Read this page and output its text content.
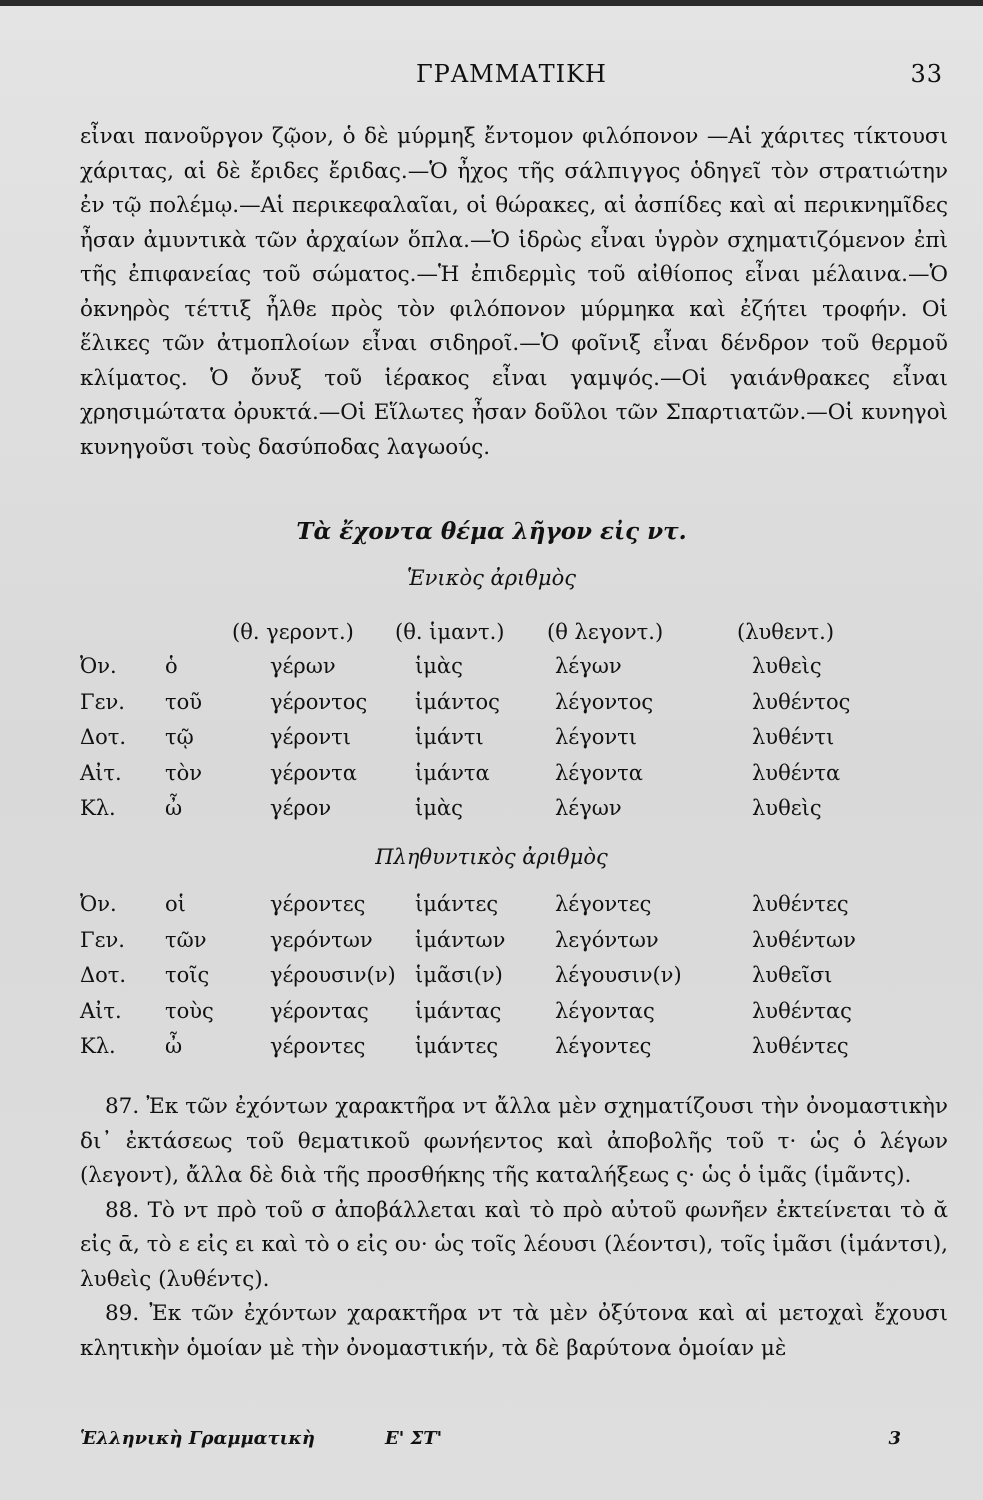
ΓΡΑΜΜΑΤΙΚΗ	33

εἶναι πανοῦργον ζῷον, ὁ δὲ μύρμηξ ἔντομον φιλόπονον —Αἱ χάριτες τίκτουσι χάριτας, αἱ δὲ ἔριδες ἔριδας.—Ὁ ἦχος τῆς σάλπιγγος ὁδηγεῖ τὸν στρατιώτην ἐν τῷ πολέμῳ.—Αἱ περικεφαλαῖαι, οἱ θώρακες, αἱ ἀσπίδες καὶ αἱ περικνημῖδες ἦσαν ἀμυντικὰ τῶν ἀρχαίων ὅπλα.—Ὁ ἱδρὼς εἶναι ὑγρὸν σχηματιζόμενον ἐπὶ τῆς ἐπιφανείας τοῦ σώματος.—Ἡ ἐπιδερμὶς τοῦ αἰθίοπος εἶναι μέλαινα.—Ὁ ὀκνηρὸς τέττιξ ἦλθε πρὸς τὸν φιλόπονον μύρμηκα καὶ ἐζήτει τροφήν. Οἱ ἕλικες τῶν ἀτμοπλοίων εἶναι σιδηροῖ.—Ὁ φοῖνιξ εἶναι δένδρον τοῦ θερμοῦ κλίματος. Ὁ ὄνυξ τοῦ ἱέρακος εἶναι γαμψός.—Οἱ γαιάνθρακες εἶναι χρησιμώτατα ὀρυκτά.—Οἱ Εἵλωτες ἦσαν δοῦλοι τῶν Σπαρτιατῶν.—Οἱ κυνηγοὶ κυνηγοῦσι τοὺς δασύποδας λαγωούς.

Τὰ ἔχοντα θέμα λῆγον εἰς ντ.
Ἑνικὸς ἀριθμὸς
(θ. γεροντ.) (θ. ἱμαντ.) (θ λεγοντ.)	(λυθεντ.)
Ὀν. ὁ	γέρων	ἱμὰς	λέγων	λυθεὶς
Γεν. τοῦ	γέροντος ἱμάντος	λέγοντος	λυθέντος
Δοτ. τῷ	γέροντι	ἱμάντι	λέγοντι	λυθέντι
Αἰτ. τὸν	γέροντα	ἱμάντα	λέγοντα	λυθέντα
Κλ. ὦ	γέρον	ἱμὰς	λέγων	λυθεὶς
Πληθυντικὸς ἀριθμὸς
Ὀν. οἱ	γέροντες ἱμάντες	λέγοντες	λυθέντες
Γεν. τῶν	γερόντων ἱμάντων λεγόντων	λυθέντων
Δοτ. τοῖς	γέρουσιν(ν) ἱμᾶσι(ν) λέγουσιν(ν)	λυθεῖσι
Αἰτ. τοὺς	γέροντας ἱμάντας	λέγοντας	λυθέντας
Κλ. ὦ	γέροντες ἱμάντες	λέγοντες	λυθέντες

87. Ἐκ τῶν ἐχόντων χαρακτῆρα ντ ἄλλα μὲν σχηματίζουσι τὴν ὀνομαστικὴν δι᾿ ἐκτάσεως τοῦ θεματικοῦ φωνήεντος καὶ ἀποβολῆς τοῦ τ· ὡς ὁ λέγων (λεγοντ), ἄλλα δὲ διὰ τῆς προσθήκης τῆς καταλήξεως ς· ὡς ὁ ἱμᾶς (ἱμᾶντς).

88. Τὸ ντ πρὸ τοῦ σ ἀποβάλλεται καὶ τὸ πρὸ αὐτοῦ φωνῆεν ἐκτείνεται τὸ ᾰ εἰς ᾱ, τὸ ε εἰς ει καὶ τὸ ο εἰς ου· ὡς τοῖς λέουσι (λέοντσι), τοῖς ἱμᾶσι (ἱμάντσι), λυθεὶς (λυθέντς).

89. Ἐκ τῶν ἐχόντων χαρακτῆρα ντ τὰ μὲν ὀξύτονα καὶ αἱ μετοχαὶ ἔχουσι κλητικὴν ὁμοίαν μὲ τὴν ὀνομαστικήν, τὰ δὲ βαρύτονα ὁμοίαν μὲ

Ἑλληνικὴ Γραμματικὴ	Ε' ΣΤ'	3
